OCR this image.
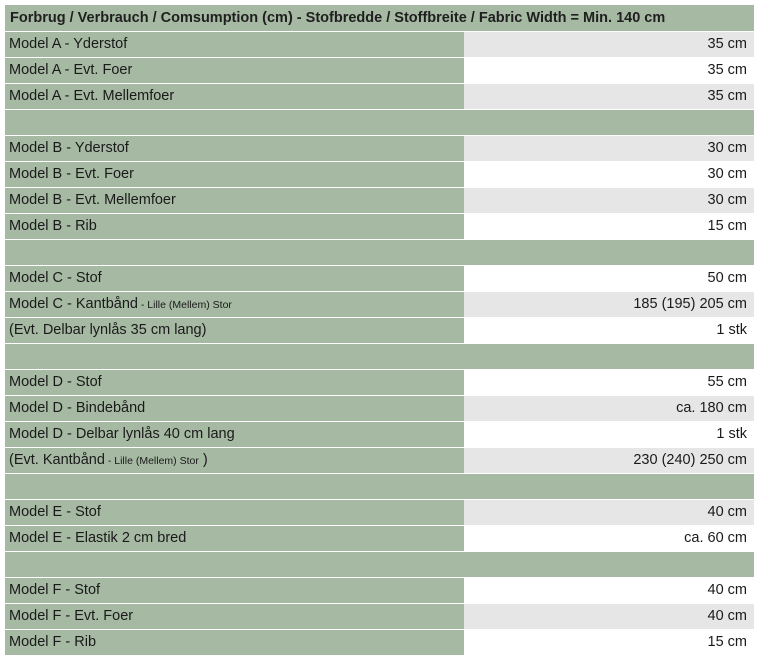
Forbrug / Verbrauch / Comsumption (cm) - Stofbredde / Stoffbreite / Fabric Width = Min. 140 cm
Model A - Yderstof	35 cm
Model A - Evt. Foer	35 cm
Model A - Evt. Mellemfoer	35 cm
Model B - Yderstof	30 cm
Model B - Evt. Foer	30 cm
Model B - Evt. Mellemfoer	30 cm
Model B - Rib	15 cm
Model C - Stof	50 cm
Model C - Kantbånd - Lille (Mellem) Stor	185 (195) 205 cm
(Evt. Delbar lynlås 35 cm lang)	1 stk
Model D - Stof	55 cm
Model D - Bindebånd	ca. 180 cm
Model D - Delbar lynlås 40 cm lang	1 stk
(Evt. Kantbånd - Lille (Mellem) Stor )	230 (240) 250 cm
Model E - Stof	40 cm
Model E - Elastik 2 cm bred	ca. 60 cm
Model F - Stof	40 cm
Model F - Evt. Foer	40 cm
Model F - Rib	15 cm
